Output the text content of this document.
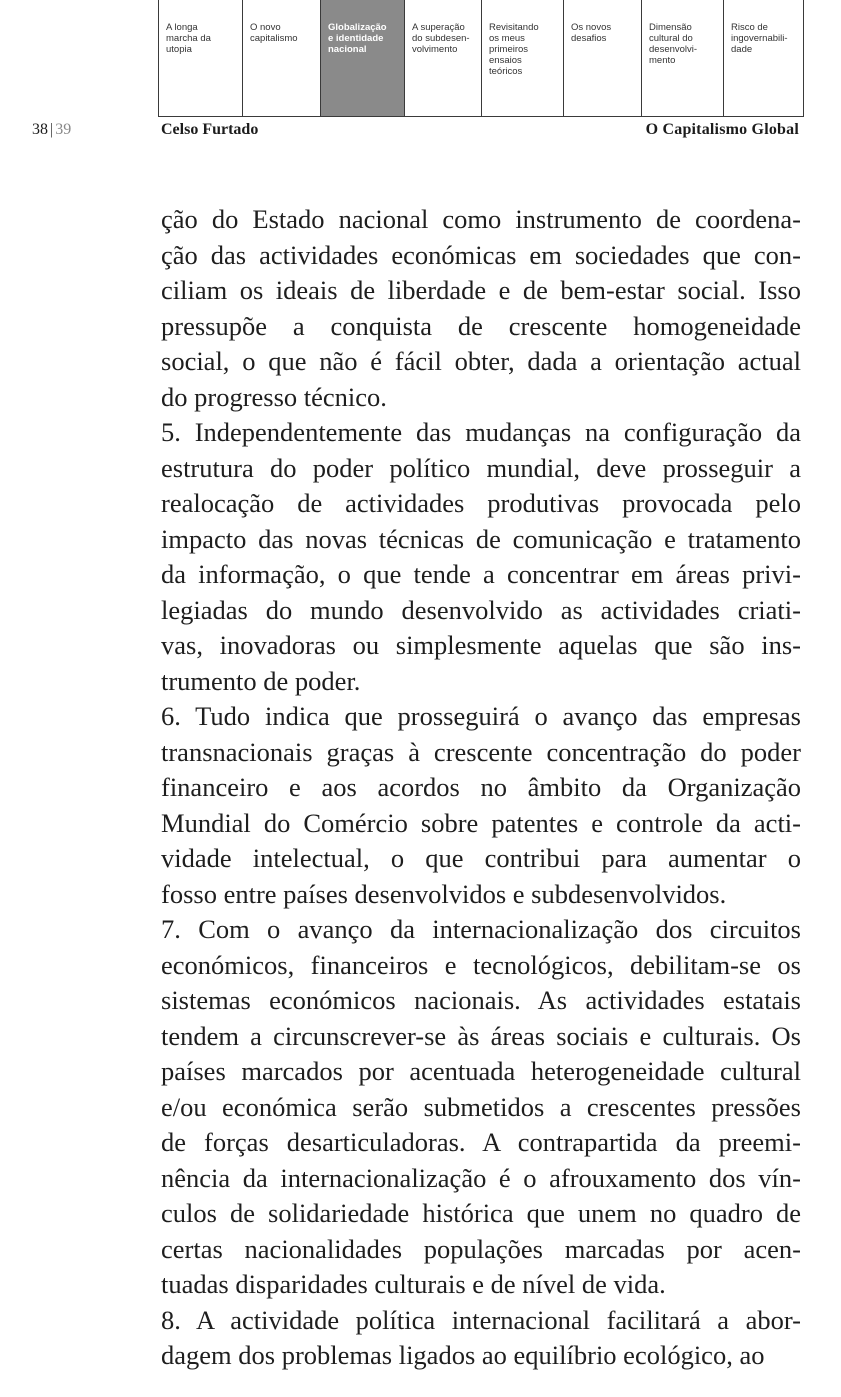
A longa
marcha da
utopia
O novo
capitalismo
Globalização
e identidade
nacional
A superação
do subdesen-
volvimento
Revisitando
os meus
primeiros
ensaios
teóricos
Os novos
desafios
Dimensão
cultural do
desenvolvi-
mento
Risco de
ingovernabili-
dade
38 | 39	Celso Furtado	O Capitalismo Global

ção do Estado nacional como instrumento de coordena-

ção das actividades económicas em sociedades que con-

ciliam os ideais de liberdade e de bem-estar social. Isso

pressupõe a conquista de crescente homogeneidade

social, o que não é fácil obter, dada a orientação actual

do progresso técnico.

5. Independentemente das mudanças na configuração da

estrutura do poder político mundial, deve prosseguir a

realocação de actividades produtivas provocada pelo

impacto das novas técnicas de comunicação e tratamento

da informação, o que tende a concentrar em áreas privi-

legiadas do mundo desenvolvido as actividades criati-

vas, inovadoras ou simplesmente aquelas que são ins-

trumento de poder.

6. Tudo indica que prosseguirá o avanço das empresas

transnacionais graças à crescente concentração do poder

financeiro e aos acordos no âmbito da Organização

Mundial do Comércio sobre patentes e controle da acti-

vidade intelectual, o que contribui para aumentar o

fosso entre países desenvolvidos e subdesenvolvidos.

7. Com o avanço da internacionalização dos circuitos

económicos, financeiros e tecnológicos, debilitam-se os

sistemas económicos nacionais. As actividades estatais

tendem a circunscrever-se às áreas sociais e culturais. Os

países marcados por acentuada heterogeneidade cultural

e/ou económica serão submetidos a crescentes pressões

de forças desarticuladoras. A contrapartida da preemi-

nência da internacionalização é o afrouxamento dos vín-

culos de solidariedade histórica que unem no quadro de

certas nacionalidades populações marcadas por acen-

tuadas disparidades culturais e de nível de vida.

8. A actividade política internacional facilitará a abor-

dagem dos problemas ligados ao equilíbrio ecológico, ao
